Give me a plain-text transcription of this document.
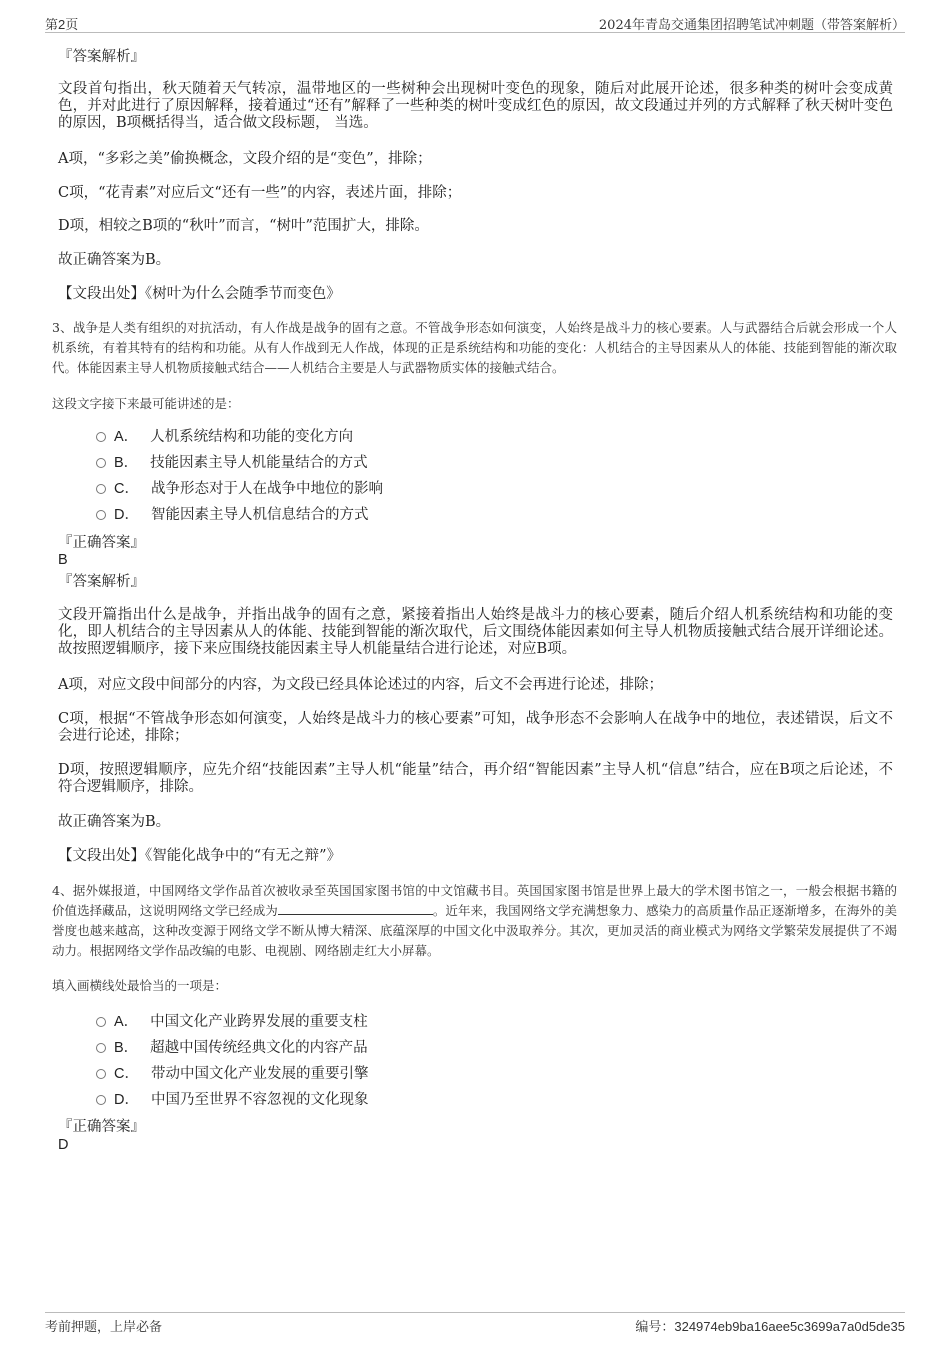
第2页	2024年青岛交通集团招聘笔试冲刺题（带答案解析）
『答案解析』
文段首句指出，秋天随着天气转凉，温带地区的一些树种会出现树叶变色的现象，随后对此展开论述，很多种类的树叶会变成黄色，并对此进行了原因解释，接着通过“还有”解释了一些种类的树叶变成红色的原因，故文段通过并列的方式解释了秋天树叶变色的原因，B项概括得当，适合做文段标题， 当选。
A项，“多彩之美”偷换概念，文段介绍的是“变色”，排除；
C项，“花青素”对应后文“还有一些”的内容，表述片面，排除；
D项，相较之B项的“秋叶”而言，“树叶”范围扩大，排除。
故正确答案为B。
【文段出处】《树叶为什么会随季节而变色》
3、战争是人类有组织的对抗活动，有人作战是战争的固有之意。不管战争形态如何演变，人始终是战斗力的核心要素。人与武器结合后就会形成一个人机系统，有着其特有的结构和功能。从有人作战到无人作战，体现的正是系统结构和功能的变化：人机结合的主导因素从人的体能、技能到智能的渐次取代。体能因素主导人机物质接触式结合——人机结合主要是人与武器物质实体的接触式结合。
这段文字接下来最可能讲述的是：
A． 人机系统结构和功能的变化方向
B． 技能因素主导人机能量结合的方式
C． 战争形态对于人在战争中地位的影响
D． 智能因素主导人机信息结合的方式
『正确答案』
B
『答案解析』
文段开篇指出什么是战争，并指出战争的固有之意，紧接着指出人始终是战斗力的核心要素，随后介绍人机系统结构和功能的变化，即人机结合的主导因素从人的体能、技能到智能的渐次取代，后文围绕体能因素如何主导人机物质接触式结合展开详细论述。故按照逻辑顺序，接下来应围绕技能因素主导人机能量结合进行论述，对应B项。
A项，对应文段中间部分的内容，为文段已经具体论述过的内容，后文不会再进行论述，排除；
C项，根据“不管战争形态如何演变，人始终是战斗力的核心要素”可知，战争形态不会影响人在战争中的地位，表述错误，后文不会进行论述，排除；
D项，按照逻辑顺序，应先介绍“技能因素”主导人机“能量”结合，再介绍“智能因素”主导人机“信息”结合，应在B项之后论述，不符合逻辑顺序，排除。
故正确答案为B。
【文段出处】《智能化战争中的“有无之辩”》
4、据外媒报道，中国网络文学作品首次被收录至英国国家图书馆的中文馆藏书目。英国国家图书馆是世界上最大的学术图书馆之一，一般会根据书籍的价值选择藏品，这说明网络文学已经成为	。近年来，我国网络文学充满想象力、感染力的高质量作品正逐渐增多，在海外的美誉度也越来越高，这种改变源于网络文学不断从博大精深、底蕴深厚的中国文化中汲取养分。其次，更加灵活的商业模式为网络文学繁荣发展提供了不竭动力。根据网络文学作品改编的电影、电视剧、网络剧走红大小屏幕。
填入画横线处最恰当的一项是：
A． 中国文化产业跨界发展的重要支柱
B． 超越中国传统经典文化的内容产品
C． 带动中国文化产业发展的重要引擎
D． 中国乃至世界不容忽视的文化现象
『正确答案』
D
考前押题，上岸必备	编号：324974eb9ba16aee5c3699a7a0d5de35
